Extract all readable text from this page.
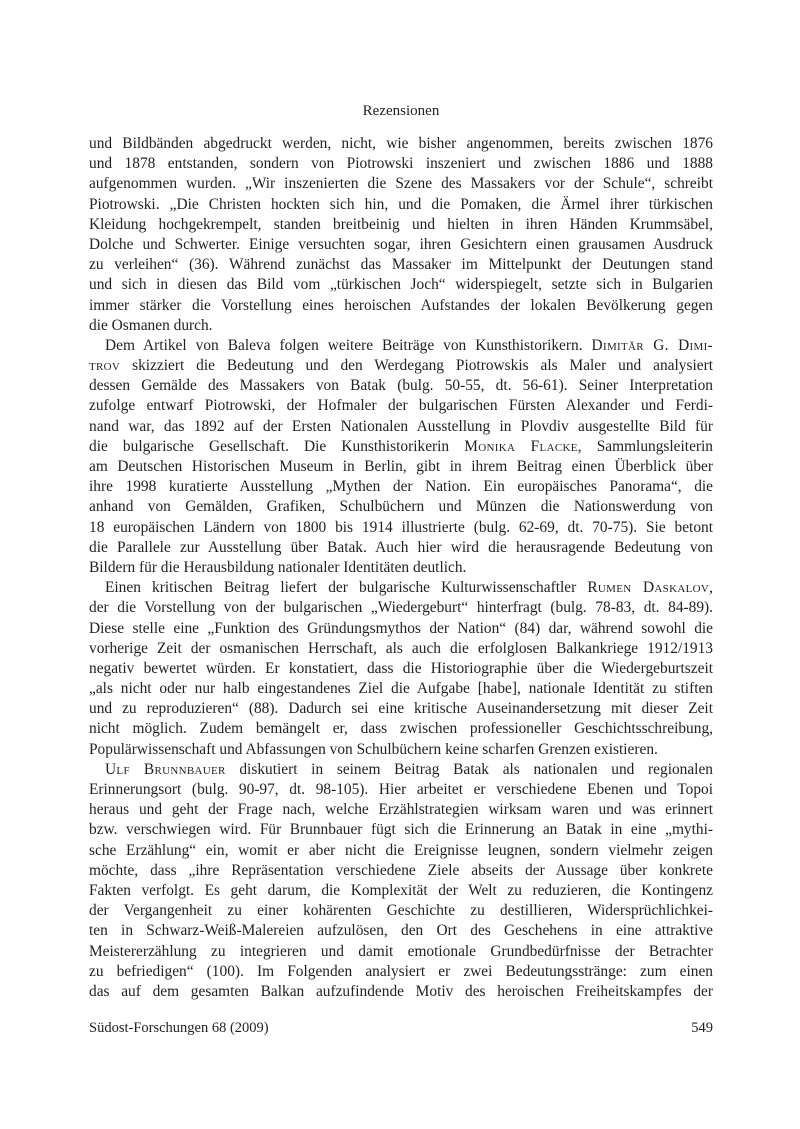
Rezensionen
und Bildbänden abgedruckt werden, nicht, wie bisher angenommen, bereits zwischen 1876
und 1878 entstanden, sondern von Piotrowski inszeniert und zwischen 1886 und 1888
aufgenommen wurden. „Wir inszenierten die Szene des Massakers vor der Schule“, schreibt
Piotrowski. „Die Christen hockten sich hin, und die Pomaken, die Ärmel ihrer türkischen
Kleidung hochgekrempelt, standen breitbeinig und hielten in ihren Händen Krummsäbel,
Dolche und Schwerter. Einige versuchten sogar, ihren Gesichtern einen grausamen Ausdruck
zu verleihen“ (36). Während zunächst das Massaker im Mittelpunkt der Deutungen stand
und sich in diesen das Bild vom „türkischen Joch“ widerspiegelt, setzte sich in Bulgarien
immer stärker die Vorstellung eines heroischen Aufstandes der lokalen Bevölkerung gegen
die Osmanen durch.
Dem Artikel von Baleva folgen weitere Beiträge von Kunsthistorikern. Dimităr G. Dimi-
trov skizziert die Bedeutung und den Werdegang Piotrowskis als Maler und analysiert
dessen Gemälde des Massakers von Batak (bulg. 50-55, dt. 56-61). Seiner Interpretation
zufolge entwarf Piotrowski, der Hofmaler der bulgarischen Fürsten Alexander und Ferdi-
nand war, das 1892 auf der Ersten Nationalen Ausstellung in Plovdiv ausgestellte Bild für
die bulgarische Gesellschaft. Die Kunsthistorikerin Monika Flacke, Sammlungsleiterin
am Deutschen Historischen Museum in Berlin, gibt in ihrem Beitrag einen Überblick über
ihre 1998 kuratierte Ausstellung „Mythen der Nation. Ein europäisches Panorama“, die
anhand von Gemälden, Grafiken, Schulbüchern und Münzen die Nationswerdung von
18 europäischen Ländern von 1800 bis 1914 illustrierte (bulg. 62-69, dt. 70-75). Sie betont
die Parallele zur Ausstellung über Batak. Auch hier wird die herausragende Bedeutung von
Bildern für die Herausbildung nationaler Identitäten deutlich.
Einen kritischen Beitrag liefert der bulgarische Kulturwissenschaftler Rumen Daskalov,
der die Vorstellung von der bulgarischen „Wiedergeburt“ hinterfragt (bulg. 78-83, dt. 84-89).
Diese stelle eine „Funktion des Gründungsmythos der Nation“ (84) dar, während sowohl die
vorherige Zeit der osmanischen Herrschaft, als auch die erfolglosen Balkankriege 1912/1913
negativ bewertet würden. Er konstatiert, dass die Historiographie über die Wiedergeburtszeit
„als nicht oder nur halb eingestandenes Ziel die Aufgabe [habe], nationale Identität zu stiften
und zu reproduzieren“ (88). Dadurch sei eine kritische Auseinandersetzung mit dieser Zeit
nicht möglich. Zudem bemängelt er, dass zwischen professioneller Geschichtsschreibung,
Populärwissenschaft und Abfassungen von Schulbüchern keine scharfen Grenzen existieren.
Ulf Brunnbauer diskutiert in seinem Beitrag Batak als nationalen und regionalen
Erinnerungsort (bulg. 90-97, dt. 98-105). Hier arbeitet er verschiedene Ebenen und Topoi
heraus und geht der Frage nach, welche Erzählstrategien wirksam waren und was erinnert
bzw. verschwiegen wird. Für Brunnbauer fügt sich die Erinnerung an Batak in eine „mythi-
sche Erzählung“ ein, womit er aber nicht die Ereignisse leugnen, sondern vielmehr zeigen
möchte, dass „ihre Repräsentation verschiedene Ziele abseits der Aussage über konkrete
Fakten verfolgt. Es geht darum, die Komplexität der Welt zu reduzieren, die Kontingenz
der Vergangenheit zu einer kohärenten Geschichte zu destillieren, Widersprüchlichkei-
ten in Schwarz-Weiß-Malereien aufzulösen, den Ort des Geschehens in eine attraktive
Meistererzählung zu integrieren und damit emotionale Grundbedürfnisse der Betrachter
zu befriedigen“ (100). Im Folgenden analysiert er zwei Bedeutungsstränge: zum einen
das auf dem gesamten Balkan aufzufindende Motiv des heroischen Freiheitskampfes der
Südost-Forschungen 68 (2009)	549
